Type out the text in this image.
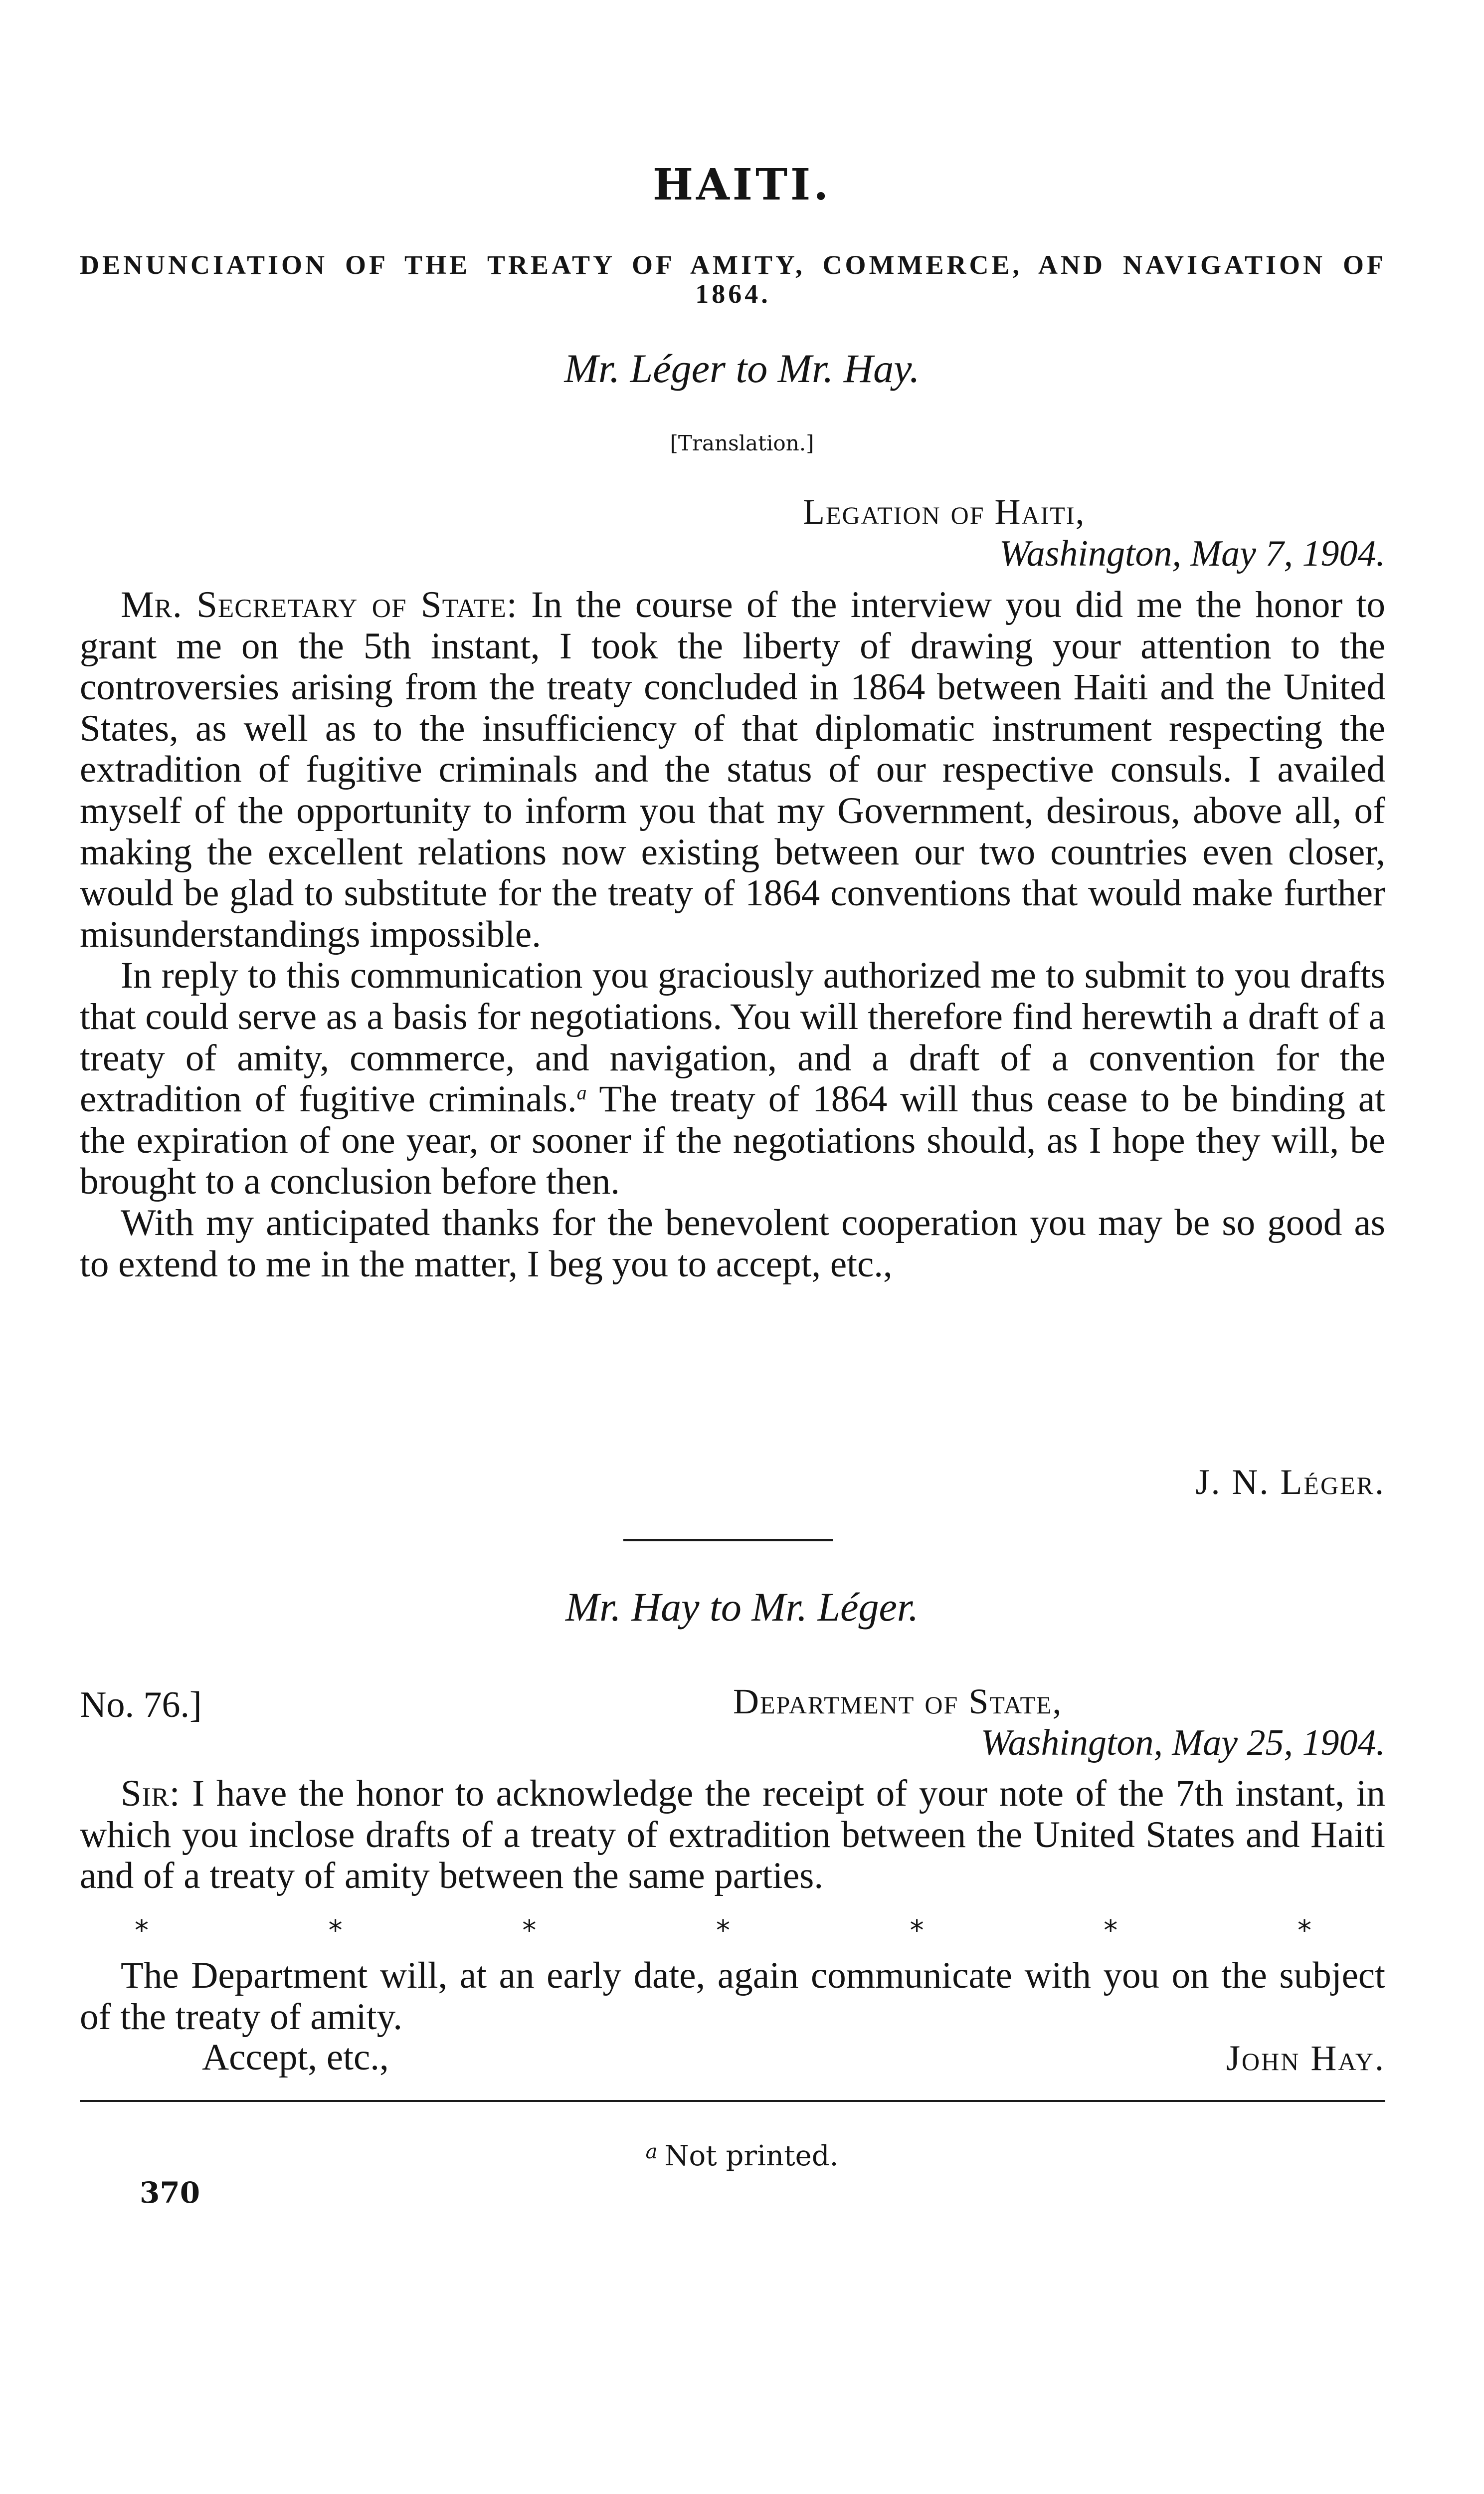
HAITI.
DENUNCIATION OF THE TREATY OF AMITY, COMMERCE, AND NAVIGATION OF 1864.
Mr. Léger to Mr. Hay.
[Translation.]
Legation of Haiti,
Washington, May 7, 1904.

Mr. Secretary of State: In the course of the interview you did me the honor to grant me on the 5th instant, I took the liberty of drawing your attention to the controversies arising from the treaty concluded in 1864 between Haiti and the United States, as well as to the insufficiency of that diplomatic instrument respecting the extradition of fugitive criminals and the status of our respective consuls. I availed myself of the opportunity to inform you that my Government, desirous, above all, of making the excellent relations now existing between our two countries even closer, would be glad to substitute for the treaty of 1864 conventions that would make further misunderstandings impossible.

In reply to this communication you graciously authorized me to submit to you drafts that could serve as a basis for negotiations. You will therefore find herewtih a draft of a treaty of amity, commerce, and navigation, and a draft of a convention for the extradition of fugitive criminals.$^a$ The treaty of 1864 will thus cease to be binding at the expiration of one year, or sooner if the negotiations should, as I hope they will, be brought to a conclusion before then.

With my anticipated thanks for the benevolent cooperation you may be so good as to extend to me in the matter, I beg you to accept, etc.,

J. N. Léger.
Mr. Hay to Mr. Léger.
No. 76.]	Department of State,
Washington, May 25, 1904.

Sir: I have the honor to acknowledge the receipt of your note of the 7th instant, in which you inclose drafts of a treaty of extradition between the United States and Haiti and of a treaty of amity between the same parties.

*	*	*	*	*	*	*

The Department will, at an early date, again communicate with you on the subject of the treaty of amity.

Accept, etc.,	John Hay.
$^a$ Not printed.
370
